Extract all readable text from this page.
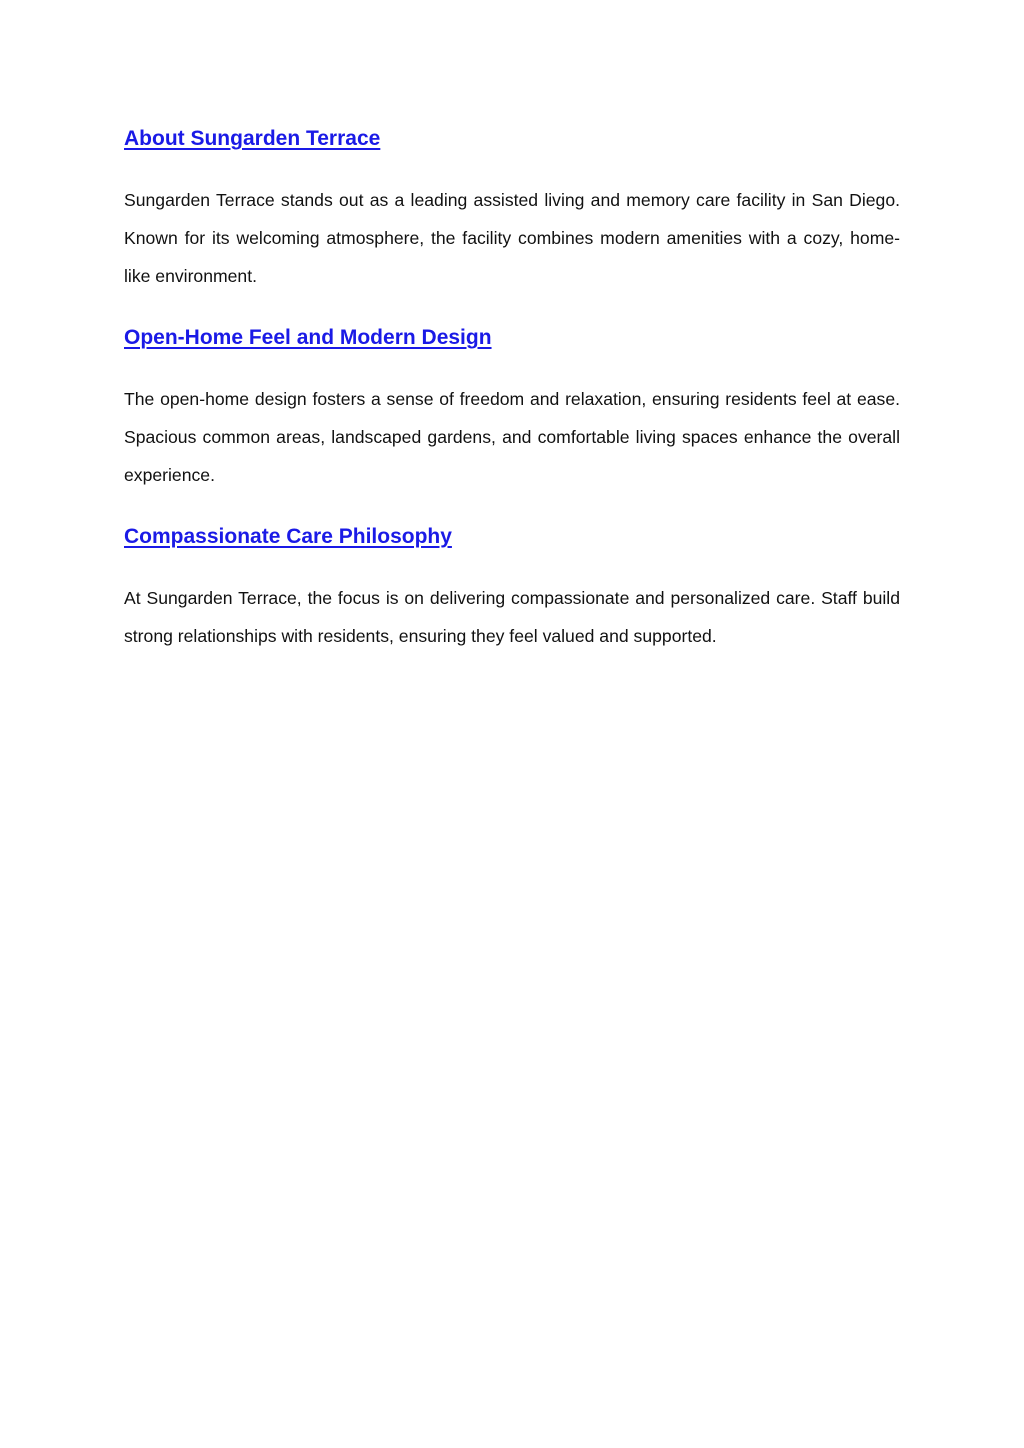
About Sungarden Terrace

Sungarden Terrace stands out as a leading assisted living and memory care facility in San Diego. Known for its welcoming atmosphere, the facility combines modern amenities with a cozy, home-like environment.

Open-Home Feel and Modern Design

The open-home design fosters a sense of freedom and relaxation, ensuring residents feel at ease. Spacious common areas, landscaped gardens, and comfortable living spaces enhance the overall experience.

Compassionate Care Philosophy

At Sungarden Terrace, the focus is on delivering compassionate and personalized care. Staff build strong relationships with residents, ensuring they feel valued and supported.
